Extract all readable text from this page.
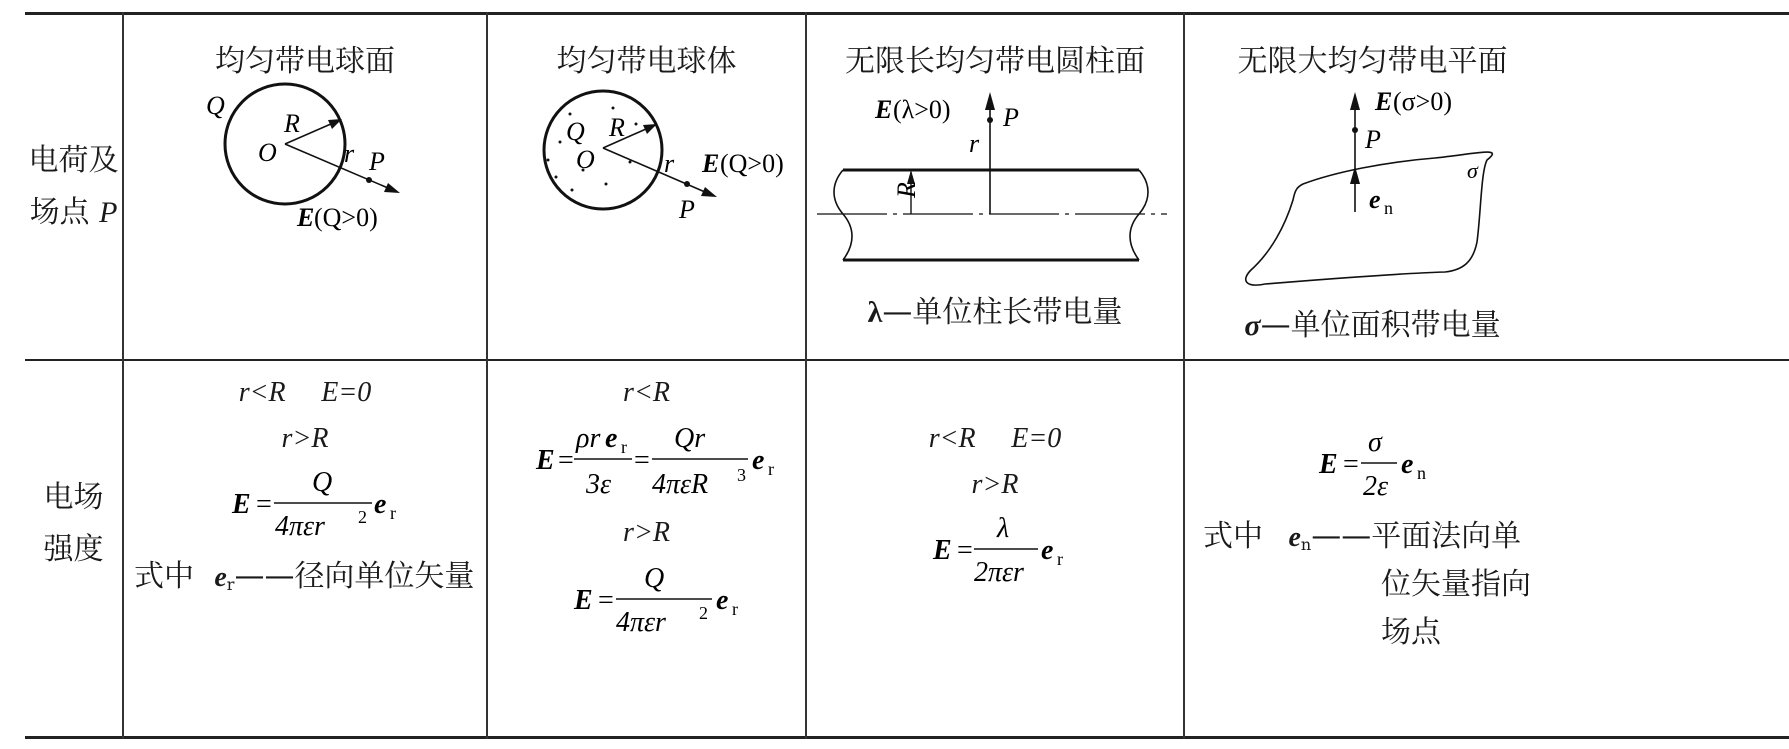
电荷及
场点 P
电场
强度
均匀带电球面
Q
R
O	r P
E (Q>0)
r<R E=0
r>R
E =
Q
4πεr 2 e r
式中 $e_r——$径向单位矢量
均匀带电球体
Q R
O	r E (Q>0)
P
r<R
E =
ρr e r
3ε
=
Qr
4πεR 3 e r
r>R
E =
Q
4πεr 2 e r
无限长均匀带电圆柱面
E (λ>0) P
r
R
λ—单位柱长带电量
r<R E=0
r>R
E =
λ
2πεr
e r
无限大均匀带电平面
E (σ>0)
P
σ
e n
σ—单位面积带电量
E =
σ
2ε
e n
式中 $e_n——$平面法向单
位矢量指向
场点
